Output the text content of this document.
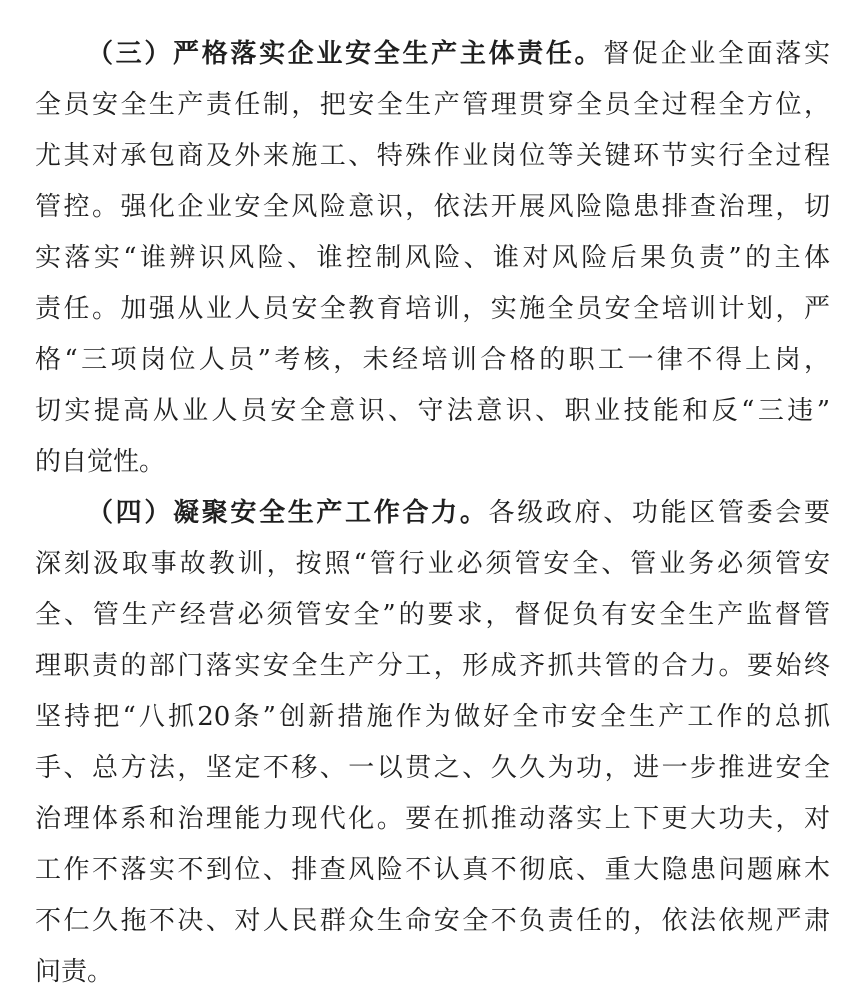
（三）严格落实企业安全生产主体责任。督促企业全面落实
全员安全生产责任制，把安全生产管理贯穿全员全过程全方位，
尤其对承包商及外来施工、特殊作业岗位等关键环节实行全过程
管控。强化企业安全风险意识，依法开展风险隐患排查治理，切
实落实“谁辨识风险、谁控制风险、谁对风险后果负责”的主体
责任。加强从业人员安全教育培训，实施全员安全培训计划，严
格“三项岗位人员”考核，未经培训合格的职工一律不得上岗，
切实提高从业人员安全意识、守法意识、职业技能和反“三违”
的自觉性。
（四）凝聚安全生产工作合力。各级政府、功能区管委会要
深刻汲取事故教训，按照“管行业必须管安全、管业务必须管安
全、管生产经营必须管安全”的要求，督促负有安全生产监督管
理职责的部门落实安全生产分工，形成齐抓共管的合力。要始终
坚持把“八抓20条”创新措施作为做好全市安全生产工作的总抓
手、总方法，坚定不移、一以贯之、久久为功，进一步推进安全
治理体系和治理能力现代化。要在抓推动落实上下更大功夫，对
工作不落实不到位、排查风险不认真不彻底、重大隐患问题麻木
不仁久拖不决、对人民群众生命安全不负责任的，依法依规严肃
问责。
